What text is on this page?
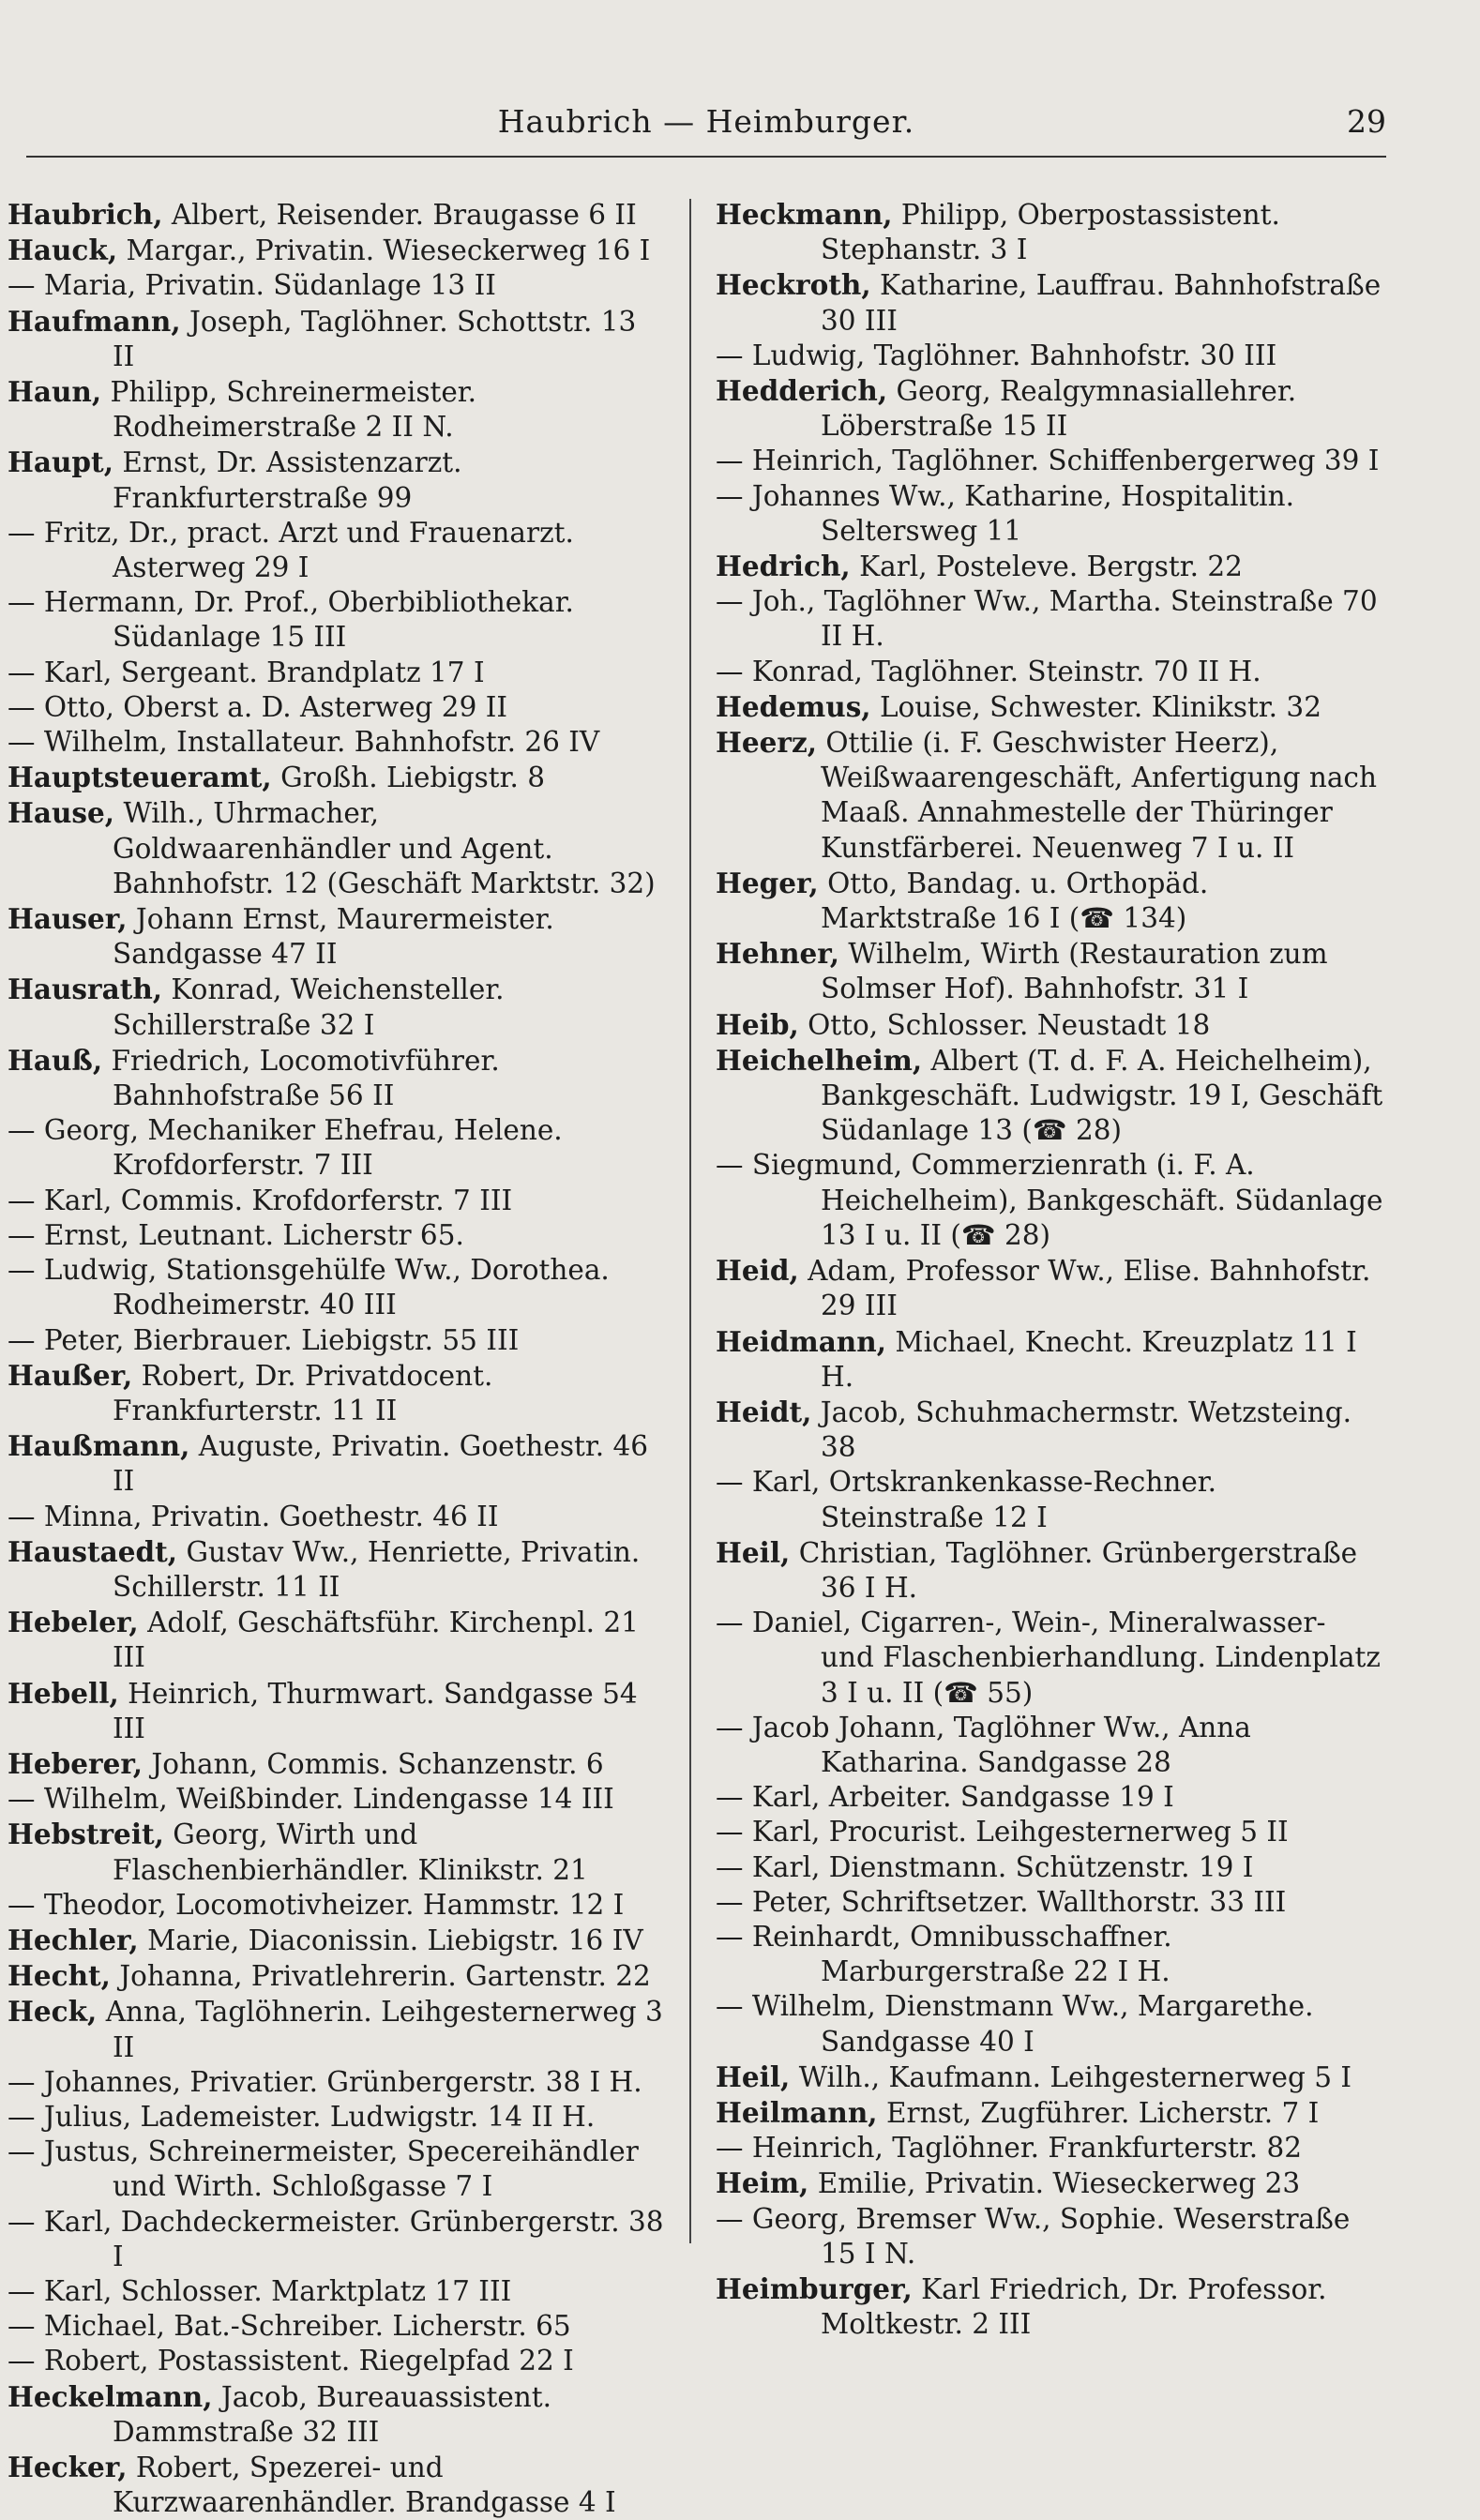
Haubrich — Heimburger.	29
Haubrich, Albert, Reisender. Braugasse 6 II
Hauck, Margar., Privatin. Wieseckerweg 16 I
— Maria, Privatin. Südanlage 13 II
Haufmann, Joseph, Taglöhner. Schottstr. 13 II
Haun, Philipp, Schreinermeister. Rodheimerstraße 2 II N.
Haupt, Ernst, Dr. Assistenzarzt. Frankfurterstraße 99
— Fritz, Dr., pract. Arzt und Frauenarzt. Asterweg 29 I
— Hermann, Dr. Prof., Oberbibliothekar. Südanlage 15 III
— Karl, Sergeant. Brandplatz 17 I
— Otto, Oberst a. D. Asterweg 29 II
— Wilhelm, Installateur. Bahnhofstr. 26 IV
Hauptsteueramt, Großh. Liebigstr. 8
Hause, Wilh., Uhrmacher, Goldwaarenhändler und Agent. Bahnhofstr. 12 (Geschäft Marktstr. 32)
Hauser, Johann Ernst, Maurermeister. Sandgasse 47 II
Hausrath, Konrad, Weichensteller. Schillerstraße 32 I
Hauß, Friedrich, Locomotivführer. Bahnhofstraße 56 II
— Georg, Mechaniker Ehefrau, Helene. Krofdorferstr. 7 III
— Karl, Commis. Krofdorferstr. 7 III
— Ernst, Leutnant. Licherstr 65.
— Ludwig, Stationsgehülfe Ww., Dorothea. Rodheimerstr. 40 III
— Peter, Bierbrauer. Liebigstr. 55 III
Haußer, Robert, Dr. Privatdocent. Frankfurterstr. 11 II
Haußmann, Auguste, Privatin. Goethestr. 46 II
— Minna, Privatin. Goethestr. 46 II
Haustaedt, Gustav Ww., Henriette, Privatin. Schillerstr. 11 II
Hebeler, Adolf, Geschäftsführ. Kirchenpl. 21 III
Hebell, Heinrich, Thurmwart. Sandgasse 54 III
Heberer, Johann, Commis. Schanzenstr. 6
— Wilhelm, Weißbinder. Lindengasse 14 III
Hebstreit, Georg, Wirth und Flaschenbierhändler. Klinikstr. 21
— Theodor, Locomotivheizer. Hammstr. 12 I
Hechler, Marie, Diaconissin. Liebigstr. 16 IV
Hecht, Johanna, Privatlehrerin. Gartenstr. 22
Heck, Anna, Taglöhnerin. Leihgesternerweg 3 II
— Johannes, Privatier. Grünbergerstr. 38 I H.
— Julius, Lademeister. Ludwigstr. 14 II H.
— Justus, Schreinermeister, Specereihändler und Wirth. Schloßgasse 7 I
— Karl, Dachdeckermeister. Grünbergerstr. 38 I
— Karl, Schlosser. Marktplatz 17 III
— Michael, Bat.-Schreiber. Licherstr. 65
— Robert, Postassistent. Riegelpfad 22 I
Heckelmann, Jacob, Bureauassistent. Dammstraße 32 III
Hecker, Robert, Spezerei- und Kurzwaarenhändler. Brandgasse 4 I
Heckmann, Philipp, Oberpostassistent. Stephanstr. 3 I
Heckroth, Katharine, Lauffrau. Bahnhofstraße 30 III
— Ludwig, Taglöhner. Bahnhofstr. 30 III
Hedderich, Georg, Realgymnasiallehrer. Löberstraße 15 II
— Heinrich, Taglöhner. Schiffenbergerweg 39 I
— Johannes Ww., Katharine, Hospitalitin. Seltersweg 11
Hedrich, Karl, Posteleve. Bergstr. 22
— Joh., Taglöhner Ww., Martha. Steinstraße 70 II H.
— Konrad, Taglöhner. Steinstr. 70 II H.
Hedemus, Louise, Schwester. Klinikstr. 32
Heerz, Ottilie (i. F. Geschwister Heerz), Weißwaarengeschäft, Anfertigung nach Maaß. Annahmestelle der Thüringer Kunstfärberei. Neuenweg 7 I u. II
Heger, Otto, Bandag. u. Orthopäd. Marktstraße 16 I (☎ 134)
Hehner, Wilhelm, Wirth (Restauration zum Solmser Hof). Bahnhofstr. 31 I
Heib, Otto, Schlosser. Neustadt 18
Heichelheim, Albert (T. d. F. A. Heichelheim), Bankgeschäft. Ludwigstr. 19 I, Geschäft Südanlage 13 (☎ 28)
— Siegmund, Commerzienrath (i. F. A. Heichelheim), Bankgeschäft. Südanlage 13 I u. II (☎ 28)
Heid, Adam, Professor Ww., Elise. Bahnhofstr. 29 III
Heidmann, Michael, Knecht. Kreuzplatz 11 I H.
Heidt, Jacob, Schuhmachermstr. Wetzsteing. 38
— Karl, Ortskrankenkasse-Rechner. Steinstraße 12 I
Heil, Christian, Taglöhner. Grünbergerstraße 36 I H.
— Daniel, Cigarren-, Wein-, Mineralwasser- und Flaschenbierhandlung. Lindenplatz 3 I u. II (☎ 55)
— Jacob Johann, Taglöhner Ww., Anna Katharina. Sandgasse 28
— Karl, Arbeiter. Sandgasse 19 I
— Karl, Procurist. Leihgesternerweg 5 II
— Karl, Dienstmann. Schützenstr. 19 I
— Peter, Schriftsetzer. Wallthorstr. 33 III
— Reinhardt, Omnibusschaffner. Marburgerstraße 22 I H.
— Wilhelm, Dienstmann Ww., Margarethe. Sandgasse 40 I
Heil, Wilh., Kaufmann. Leihgesternerweg 5 I
Heilmann, Ernst, Zugführer. Licherstr. 7 I
— Heinrich, Taglöhner. Frankfurterstr. 82
Heim, Emilie, Privatin. Wieseckerweg 23
— Georg, Bremser Ww., Sophie. Weserstraße 15 I N.
Heimburger, Karl Friedrich, Dr. Professor. Moltkestr. 2 III
